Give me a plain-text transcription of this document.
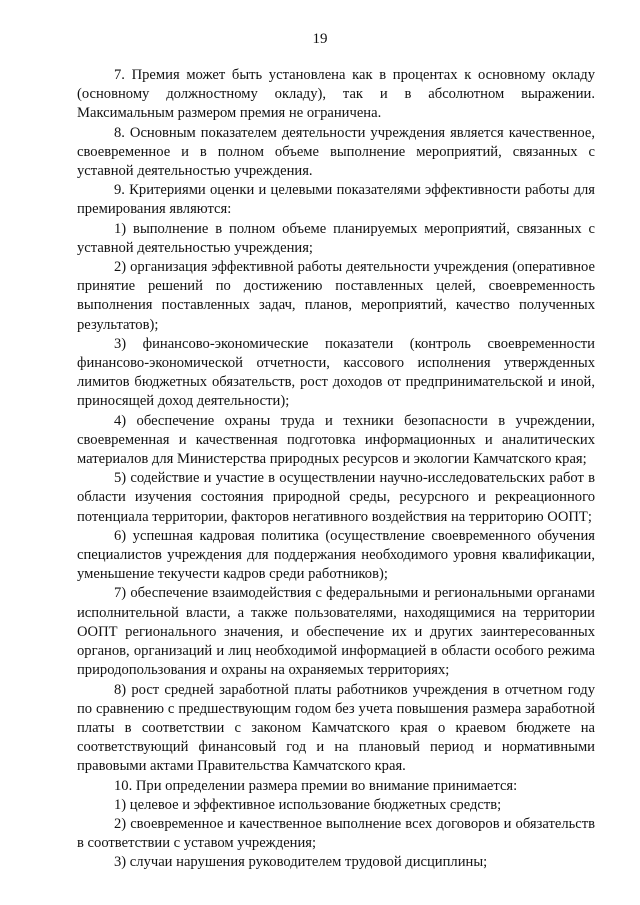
19

7. Премия может быть установлена как в процентах к основному окладу (основному должностному окладу), так и в абсолютном выражении. Максимальным размером премия не ограничена.

8. Основным показателем деятельности учреждения является качественное, своевременное и в полном объеме выполнение мероприятий, связанных с уставной деятельностью учреждения.

9. Критериями оценки и целевыми показателями эффективности работы для премирования являются:

1) выполнение в полном объеме планируемых мероприятий, связанных с уставной деятельностью учреждения;

2) организация эффективной работы деятельности учреждения (оперативное принятие решений по достижению поставленных целей, своевременность выполнения поставленных задач, планов, мероприятий, качество полученных результатов);

3) финансово-экономические показатели (контроль своевременности финансово-экономической отчетности, кассового исполнения утвержденных лимитов бюджетных обязательств, рост доходов от предпринимательской и иной, приносящей доход деятельности);

4) обеспечение охраны труда и техники безопасности в учреждении, своевременная и качественная подготовка информационных и аналитических материалов для Министерства природных ресурсов и экологии Камчатского края;

5) содействие и участие в осуществлении научно-исследовательских работ в области изучения состояния природной среды, ресурсного и рекреационного потенциала территории, факторов негативного воздействия на территорию ООПТ;

6) успешная кадровая политика (осуществление своевременного обучения специалистов учреждения для поддержания необходимого уровня квалификации, уменьшение текучести кадров среди работников);

7) обеспечение взаимодействия с федеральными и региональными органами исполнительной власти, а также пользователями, находящимися на территории ООПТ регионального значения, и обеспечение их и других заинтересованных органов, организаций и лиц необходимой информацией в области особого режима природопользования и охраны на охраняемых территориях;

8) рост средней заработной платы работников учреждения в отчетном году по сравнению с предшествующим годом без учета повышения размера заработной платы в соответствии с законом Камчатского края о краевом бюджете на соответствующий финансовый год и на плановый период и нормативными правовыми актами Правительства Камчатского края.

10. При определении размера премии во внимание принимается:

1) целевое и эффективное использование бюджетных средств;

2) своевременное и качественное выполнение всех договоров и обязательств в соответствии с уставом учреждения;

3) случаи нарушения руководителем трудовой дисциплины;
